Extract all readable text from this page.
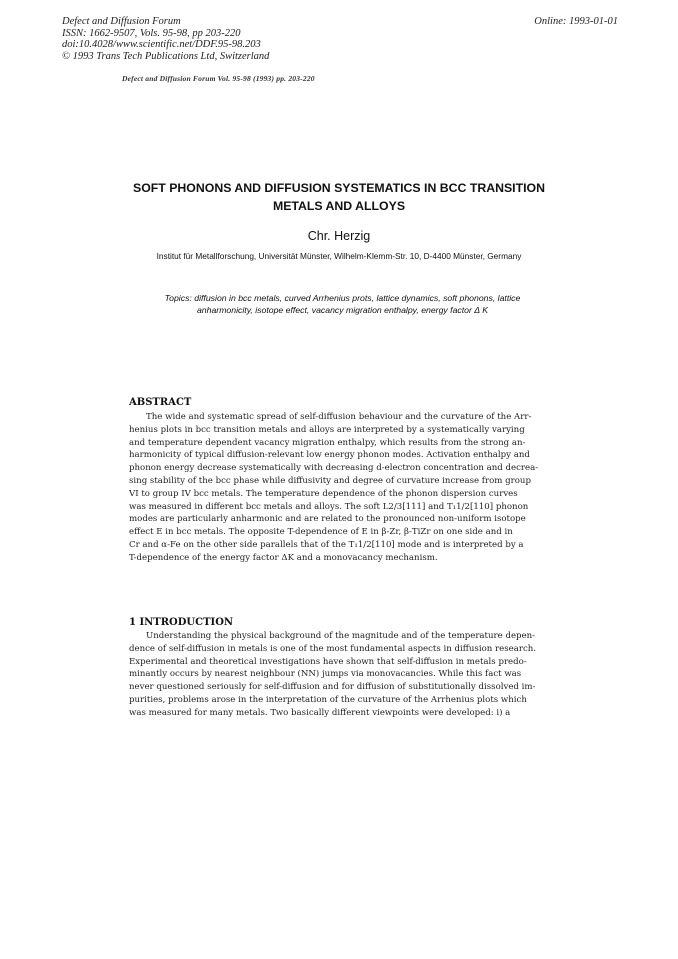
Defect and Diffusion Forum
ISSN: 1662-9507, Vols. 95-98, pp 203-220
doi:10.4028/www.scientific.net/DDF.95-98.203
© 1993 Trans Tech Publications Ltd, Switzerland
Online: 1993-01-01
Defect and Diffusion Forum Vol. 95-98 (1993) pp. 203-220
SOFT PHONONS AND DIFFUSION SYSTEMATICS IN BCC TRANSITION
METALS AND ALLOYS
Chr. Herzig
Institut für Metallforschung, Universität Münster, Wilhelm-Klemm-Str. 10, D-4400 Münster, Germany
Topics: diffusion in bcc metals, curved Arrhenius prots, lattice dynamics, soft phonons, lattice
anharmonicity, isotope effect, vacancy migration enthalpy, energy factor Δ K
ABSTRACT
The wide and systematic spread of self-diffusion behaviour and the curvature of the Arr-
henius plots in bcc transition metals and alloys are interpreted by a systematically varying
and temperature dependent vacancy migration enthalpy, which results from the strong an-
harmonicity of typical diffusion-relevant low energy phonon modes. Activation enthalpy and
phonon energy decrease systematically with decreasing d-electron concentration and decrea-
sing stability of the bcc phase while diffusivity and degree of curvature increase from group
VI to group IV bcc metals. The temperature dependence of the phonon dispersion curves
was measured in different bcc metals and alloys. The soft L2/3[111] and T₁1/2[110] phonon
modes are particularly anharmonic and are related to the pronounced non-uniform isotope
effect E in bcc metals. The opposite T-dependence of E in β-Zr, β-TiZr on one side and in
Cr and α-Fe on the other side parallels that of the T₁1/2[110] mode and is interpreted by a
T-dependence of the energy factor ΔK and a monovacancy mechanism.
1 INTRODUCTION
Understanding the physical background of the magnitude and of the temperature depen-
dence of self-diffusion in metals is one of the most fundamental aspects in diffusion research.
Experimental and theoretical investigations have shown that self-diffusion in metals predo-
minantly occurs by nearest neighbour (NN) jumps via monovacancies. While this fact was
never questioned seriously for self-diffusion and for diffusion of substitutionally dissolved im-
purities, problems arose in the interpretation of the curvature of the Arrhenius plots which
was measured for many metals. Two basically different viewpoints were developed: i) a
